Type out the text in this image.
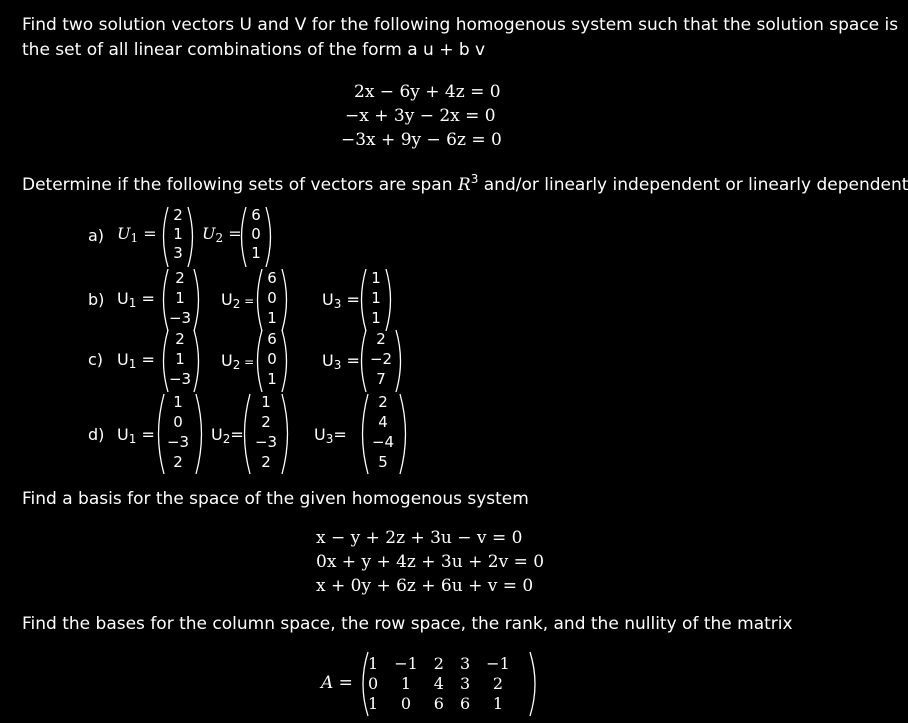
Find two solution vectors U and V for the following homogenous system such that the solution space is
the set of all linear combinations of the form a u + b v
2x − 6y + 4z = 0
−x + 3y − 2x = 0
−3x + 9y − 6z = 0
Determine if the following sets of vectors are span $R^3$ and/or linearly independent or linearly dependent
a) $U_1$ =
2
1
3
$U_2$ =
6
0
1
b) $U_1$ =
2
1
−3
$U_2$ =
6
0
1
$U_3$ =
1
1
1
c) $U_1$ =
2
1
−3
$U_2$ =
6
0
1
$U_3$ =
2
−2
7
d) $U_1$ =
1
0
−3
2
$U_2=$
1
2
−3
2
$U_3=$
2
4
−4
5
Find a basis for the space of the given homogenous system
x − y + 2z + 3u − v = 0
0x + y + 4z + 3u + 2v = 0
x + 0y + 6z + 6u + v = 0
Find the bases for the column space, the row space, the rank, and the nullity of the matrix
A =
1 −1 2 3 −1
0	1	4 3	2
1	0	6 6	1
